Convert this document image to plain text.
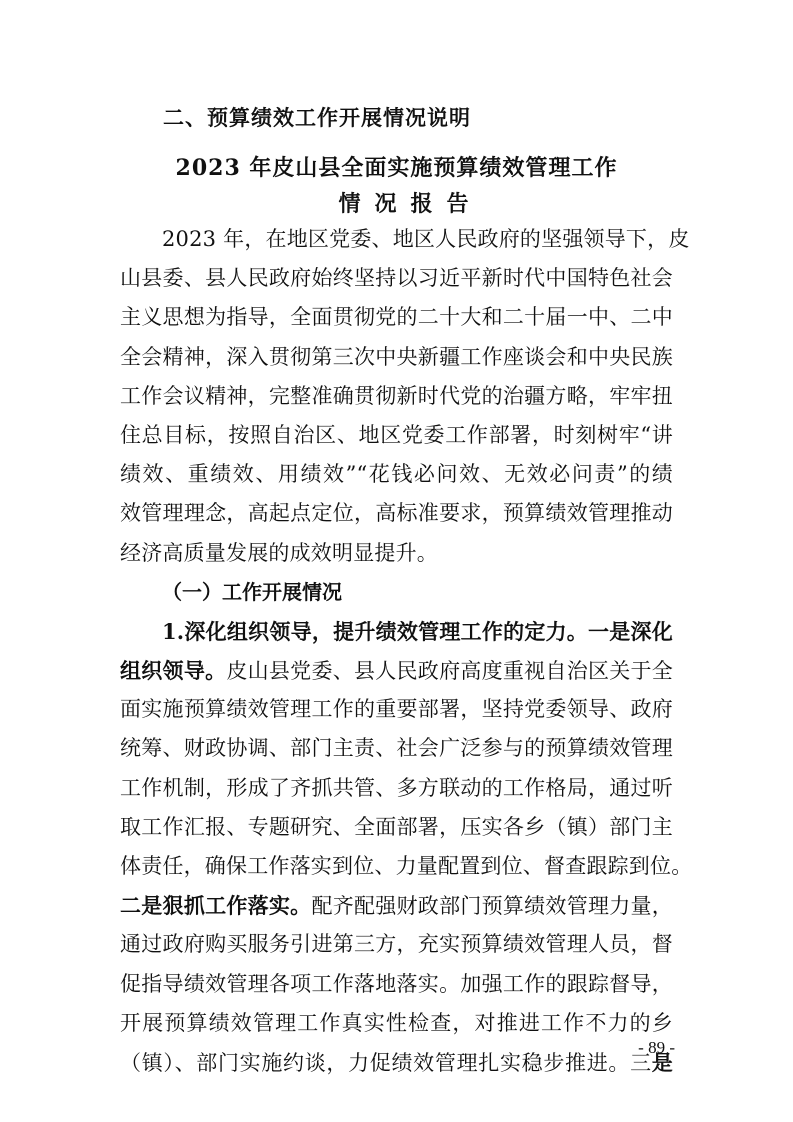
二、预算绩效工作开展情况说明
2023 年皮山县全面实施预算绩效管理工作
情况报告
2023 年，在地区党委、地区人民政府的坚强领导下，皮
山县委、县人民政府始终坚持以习近平新时代中国特色社会
主义思想为指导，全面贯彻党的二十大和二十届一中、二中
全会精神，深入贯彻第三次中央新疆工作座谈会和中央民族
工作会议精神，完整准确贯彻新时代党的治疆方略，牢牢扭
住总目标，按照自治区、地区党委工作部署，时刻树牢“讲
绩效、重绩效、用绩效”“花钱必问效、无效必问责”的绩
效管理理念，高起点定位，高标准要求，预算绩效管理推动
经济高质量发展的成效明显提升。
（一）工作开展情况
1.深化组织领导，提升绩效管理工作的定力。一是深化
组织领导。皮山县党委、县人民政府高度重视自治区关于全
面实施预算绩效管理工作的重要部署，坚持党委领导、政府
统筹、财政协调、部门主责、社会广泛参与的预算绩效管理
工作机制，形成了齐抓共管、多方联动的工作格局，通过听
取工作汇报、专题研究、全面部署，压实各乡（镇）部门主
体责任，确保工作落实到位、力量配置到位、督查跟踪到位。
二是狠抓工作落实。配齐配强财政部门预算绩效管理力量，
通过政府购买服务引进第三方，充实预算绩效管理人员，督
促指导绩效管理各项工作落地落实。加强工作的跟踪督导，
开展预算绩效管理工作真实性检查，对推进工作不力的乡
（镇）、部门实施约谈，力促绩效管理扎实稳步推进。三是
- 89 -
